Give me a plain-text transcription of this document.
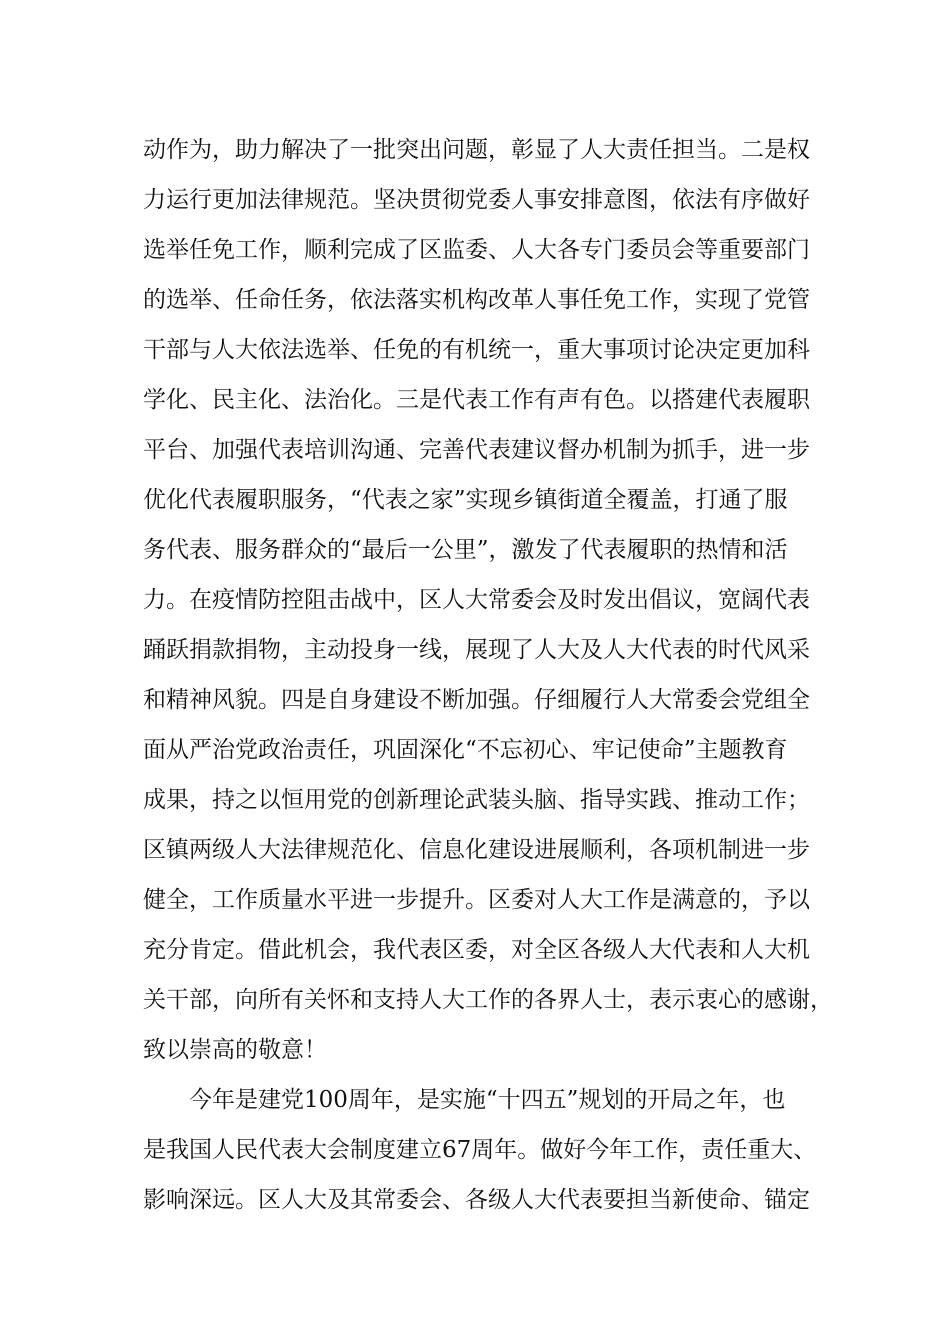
动作为，助力解决了一批突出问题，彰显了人大责任担当。二是权
力运行更加法律规范。坚决贯彻党委人事安排意图，依法有序做好
选举任免工作，顺利完成了区监委、人大各专门委员会等重要部门
的选举、任命任务，依法落实机构改革人事任免工作，实现了党管
干部与人大依法选举、任免的有机统一，重大事项讨论决定更加科
学化、民主化、法治化。三是代表工作有声有色。以搭建代表履职
平台、加强代表培训沟通、完善代表建议督办机制为抓手，进一步
优化代表履职服务，“代表之家”实现乡镇街道全覆盖，打通了服
务代表、服务群众的“最后一公里”，激发了代表履职的热情和活
力。在疫情防控阻击战中，区人大常委会及时发出倡议，宽阔代表
踊跃捐款捐物，主动投身一线，展现了人大及人大代表的时代风采
和精神风貌。四是自身建设不断加强。仔细履行人大常委会党组全
面从严治党政治责任，巩固深化“不忘初心、牢记使命”主题教育
成果，持之以恒用党的创新理论武装头脑、指导实践、推动工作；
区镇两级人大法律规范化、信息化建设进展顺利，各项机制进一步
健全，工作质量水平进一步提升。区委对人大工作是满意的，予以
充分肯定。借此机会，我代表区委，对全区各级人大代表和人大机
关干部，向所有关怀和支持人大工作的各界人士，表示衷心的感谢，
致以崇高的敬意！
今年是建党100周年，是实施“十四五”规划的开局之年，也
是我国人民代表大会制度建立67周年。做好今年工作，责任重大、
影响深远。区人大及其常委会、各级人大代表要担当新使命、锚定
